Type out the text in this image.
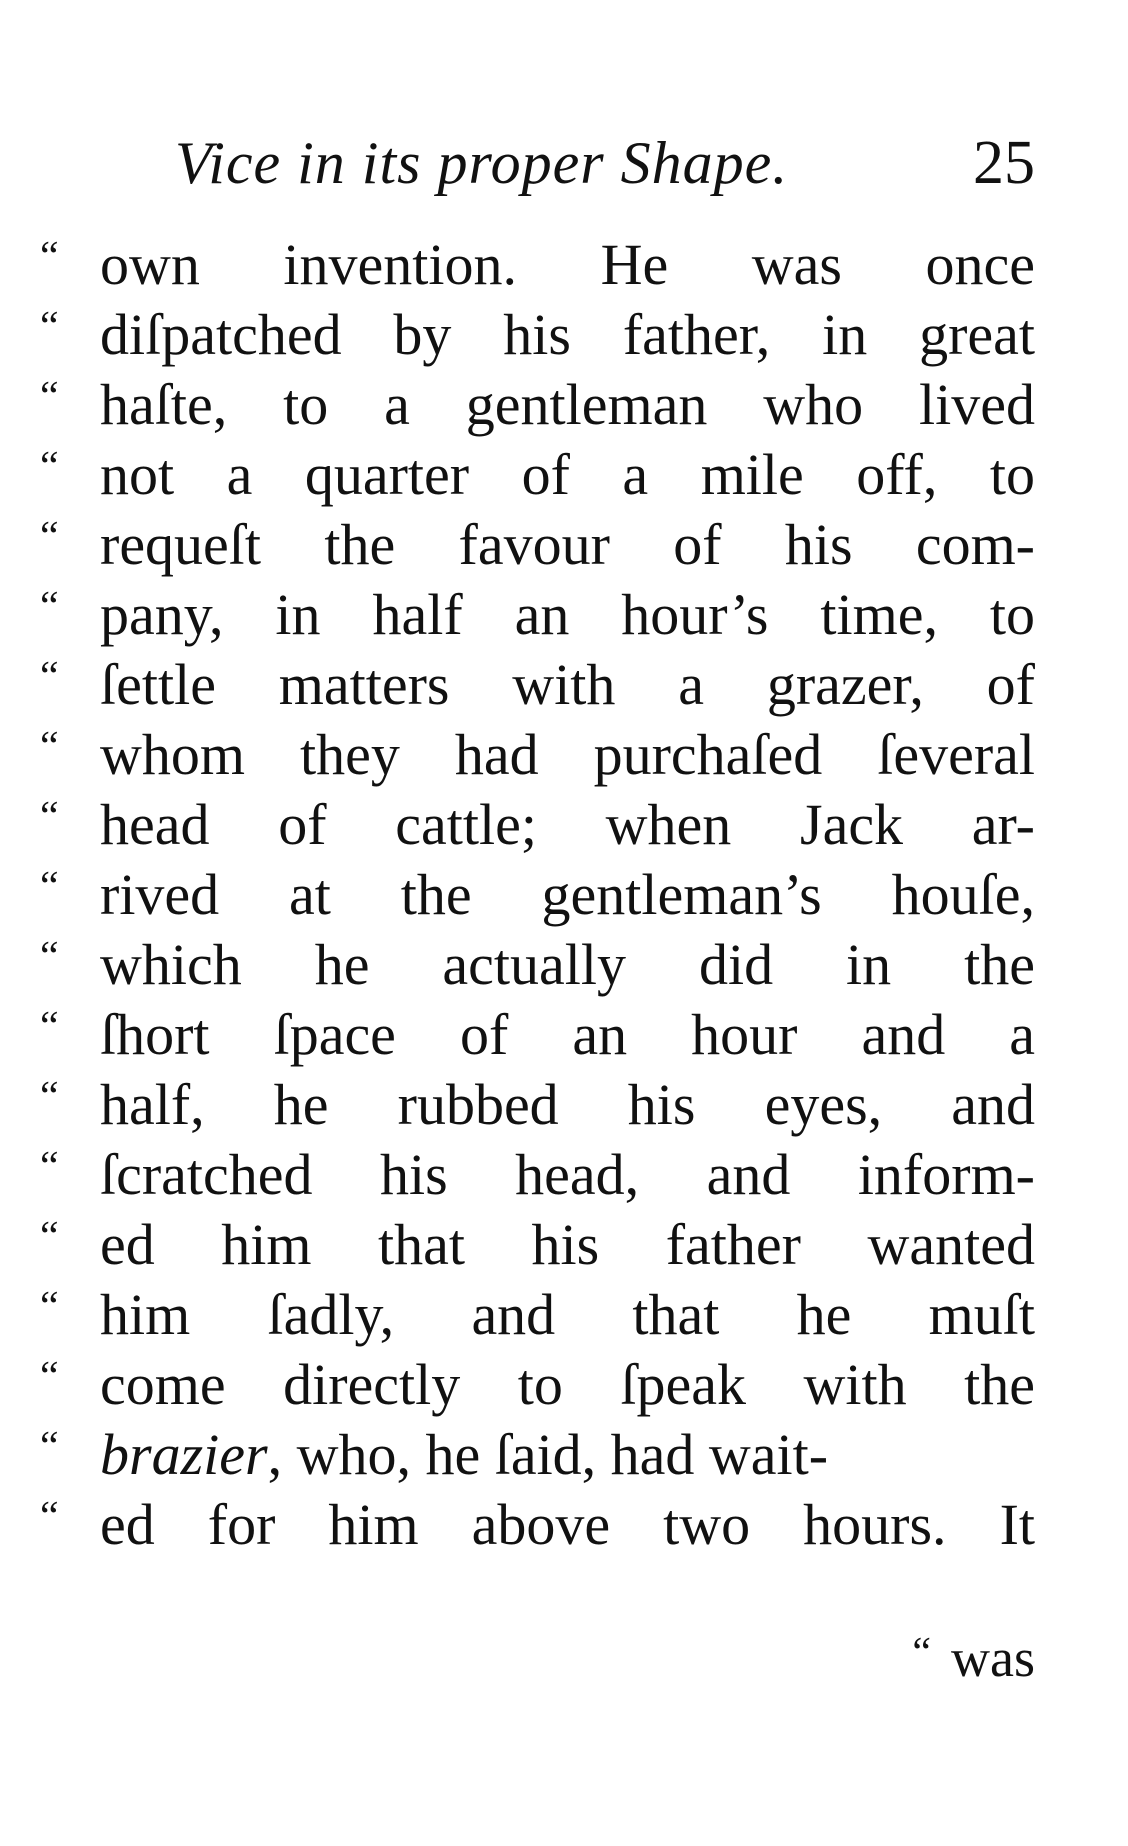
Vice in its proper Shape.	25
“ own invention. He was once
“ diſpatched by his father, in great
“ haſte, to a gentleman who lived
“ not a quarter of a mile off, to
“ requeſt the favour of his com-
“ pany, in half an hour’s time, to
“ ſettle matters with a grazer, of
“ whom they had purchaſed ſeveral
“ head of cattle; when Jack ar-
“ rived at the gentleman’s houſe,
“ which he actually did in the
“ ſhort ſpace of an hour and a
“ half, he rubbed his eyes, and
“ ſcratched his head, and inform-
“ ed him that his father wanted
“ him ſadly, and that he muſt
“ come directly to ſpeak with the
“ brazier, who, he ſaid, had wait-
“ ed for him above two hours. It
“ was
